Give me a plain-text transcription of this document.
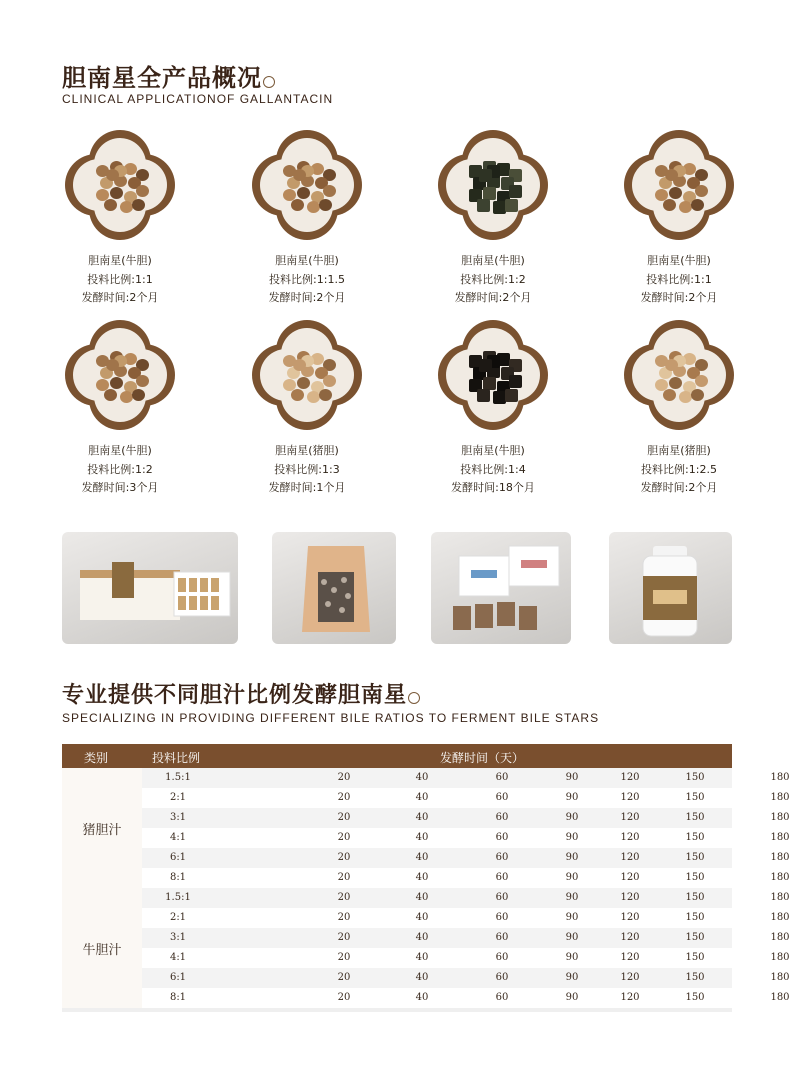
胆南星全产品概况
CLINICAL APPLICATIONOF GALLANTACIN
胆南星(牛胆)
投料比例:1:1
发酵时间:2个月
胆南星(牛胆)
投料比例:1:1.5
发酵时间:2个月
胆南星(牛胆)
投料比例:1:2
发酵时间:2个月
胆南星(牛胆)
投料比例:1:1
发酵时间:2个月
胆南星(牛胆)
投料比例:1:2
发酵时间:3个月
胆南星(猪胆)
投料比例:1:3
发酵时间:1个月
胆南星(牛胆)
投料比例:1:4
发酵时间:18个月
胆南星(猪胆)
投料比例:1:2.5
发酵时间:2个月
专业提供不同胆汁比例发酵胆南星
SPECIALIZING IN PROVIDING DIFFERENT BILE RATIOS TO FERMENT BILE STARS
类别	投料比例	发酵时间（天）
猪胆汁
1.5:1	20	40	60	90	120	150	180
2:1	20	40	60	90	120	150	180
3:1	20	40	60	90	120	150	180
4:1	20	40	60	90	120	150	180
6:1	20	40	60	90	120	150	180
8:1	20	40	60	90	120	150	180
牛胆汁
1.5:1	20	40	60	90	120	150	180
2:1	20	40	60	90	120	150	180
3:1	20	40	60	90	120	150	180
4:1	20	40	60	90	120	150	180
6:1	20	40	60	90	120	150	180
8:1	20	40	60	90	120	150	180
